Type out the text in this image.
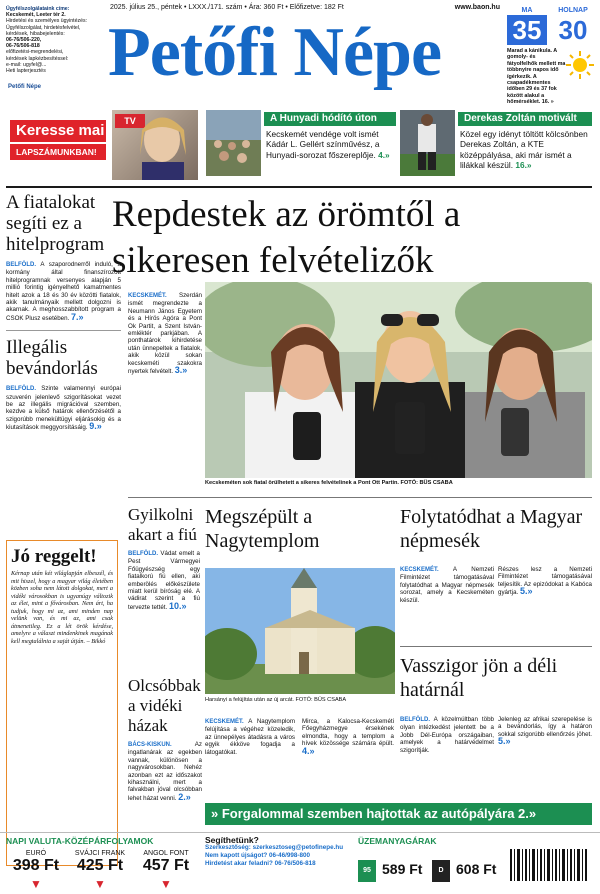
Ügyfélszolgálataink címe:
Kecskemét, Leeter tér 2.
Hirdetési és személyes ügyintézés:
Ügyfélszolgálat, hirdetésfelvétel,
kérdések, hibabejelentés:
06-76/506-220,
06-76/506-818
előfizetési-megrendelési,
kérdések lapkézbesítéssel:
e-mail: ugyfel@...
Heti lapterjesztés
Petőfi Népe
2025. július 25., péntek • LXXX./171. szám • Ára: 360 Ft • Előfizetve: 182 Ft	www.baon.hu
Petőfi Népe
MA	HOLNAP
35 30
Marad a kánikula. A gomoly- és fátyolfelhők mellett ma többnyire napos idő ígérkezik. A csapadékmentes időben 29 és 37 fok között alakul a hőmérséklet. 16. »
Keresse mai
LAPSZÁMUNKBAN!
TV	A Hunyadi hódító úton
Kecskemét vendége volt ismét Kádár L. Gellért színművész, a Hunyadi-sorozat főszereplője. 4.»
Derekas Zoltán motivált
Közel egy idényt töltött kölcsönben Derekas Zoltán, a KTE középpályása, aki már ismét a lilákkal készül. 16.»
A fiatalokat segíti ez a hitelprogram
BELFÖLD. A szaporodnerről induló, a kormány által finanszírozott hitelprogramnak versenyes alapján 5 millió forintig igényelhető kamatmentes hitelt azok a 18 és 30 év közötti fiatalok, akik tanulmányaik mellett dolgozni is akarnak. A meghosszabbított program a CSOK Plusz esetében. 7.»
Illegális bevándorlás
BELFÖLD. Szinte valamennyi európai szuverén jelenlevő szigorításokat vezet be az illegális migrációval szemben, kezdve a külső határok ellenőrzésétől a szigorúbb menekültügyi eljárásokig és a kiutasítások meggyorsításáig. 9.»
Jó reggelt!
Kérnap után két világlapján elbeszél, és mit hiszel, hogy a magyar világ életében közben soha nem látott dolgokat, mert a vidéki városokban is ugyanúgy változik az élet, mint a fővárosban. Nem árt, ha tudjuk, hogy mi az, ami minden nap velünk van, és mi az, ami csak átmenetileg. Ez a lét örök kérdése, amelyre a választ mindenkinek magának kell megtalálnia a saját útján. – Bikkó
Repdestek az örömtől a sikeresen felvételizők
KECSKEMÉT. Szerdán ismét megrendezte a Neumann János Egyetem és a Hírös Agóra a Pont Ok Partit, a Szent István-emléktér parkjában. A ponthatárok kihirdetése után ünnepeltek a fiatalok, akik közül sokan kecskeméti szakokra nyertek felvételt. 3.»
Kecskeméten sok fiatal örülhetett a sikeres felvételinek a Pont Ott Partin. FOTÓ: BÜS CSABA
Gyilkolni akart a fiú
BELFÖLD. Vádat emelt a Pest Vármegyei Főügyészség egy fiatalkorú fiú ellen, aki emberölés előkészülete miatt kerül bíróság elé. A vádirat szerint a fiú tervezte tettét. 10.»
Megszépült a Nagytemplom
Harsányi a felújítás után az új arcát. FOTÓ: BÜS CSABA
KECSKEMÉT. A Nagytemplom felújítása a végéhez közeledik, az ünnepélyes átadásra a város egyik ékköve fogadja a látogatókat.
Mirca, a Kalocsa-Kecskeméti Főegyházmegye érsekének elmondta, hogy a templom a hívek közössége számára épült. 4.»
Folytatódhat a Magyar népmesék
KECSKEMÉT. A Nemzeti Filmintézet támogatásával folytatódhat a Magyar népmesék sorozat, amely a Kecskeméten készül.
Részes lesz a Nemzeti Filmintézet támogatásával teljesítik. Az epizódokat a Kabóca gyártja. 5.»
Olcsóbbak a vidéki házak
BÁCS-KISKUN.	Az ingatlanárak az egekben vannak, különösen a nagyvárosokban. Nehéz azonban ezt az időszakot kihasználni, mert a falvakban jóval olcsóbban lehet házat venni. 2.»
Vasszigor jön a déli határnál
BELFÖLD. A közelmúltban több olyan intézkedést jelentett be a Jobb Dél-Európa országaiban, amelyek a határvédelmet szigorítják.
Jelenleg az afrikai szerepelése is a bevándorlás, így a határon sokkal szigorúbb ellenőrzés jöhet. 5.»
» Forgalommal szemben hajtottak az autópályára 2.»
NAPI VALUTA-KÖZÉPÁRFOLYAMOK
EURÓ
398 Ft ▼
SVÁJCI FRANK
425 Ft ▼
ANGOL FONT
457 Ft ▼
Segíthetünk?
Szerkesztőség: szerkesztoseg@petofinepe.hu
Nem kapott újságot? 06-46/998-800
Hirdetést akar feladni? 06-76/506-818
ÜZEMANYAGÁRAK
95 589 Ft	D 608 Ft
